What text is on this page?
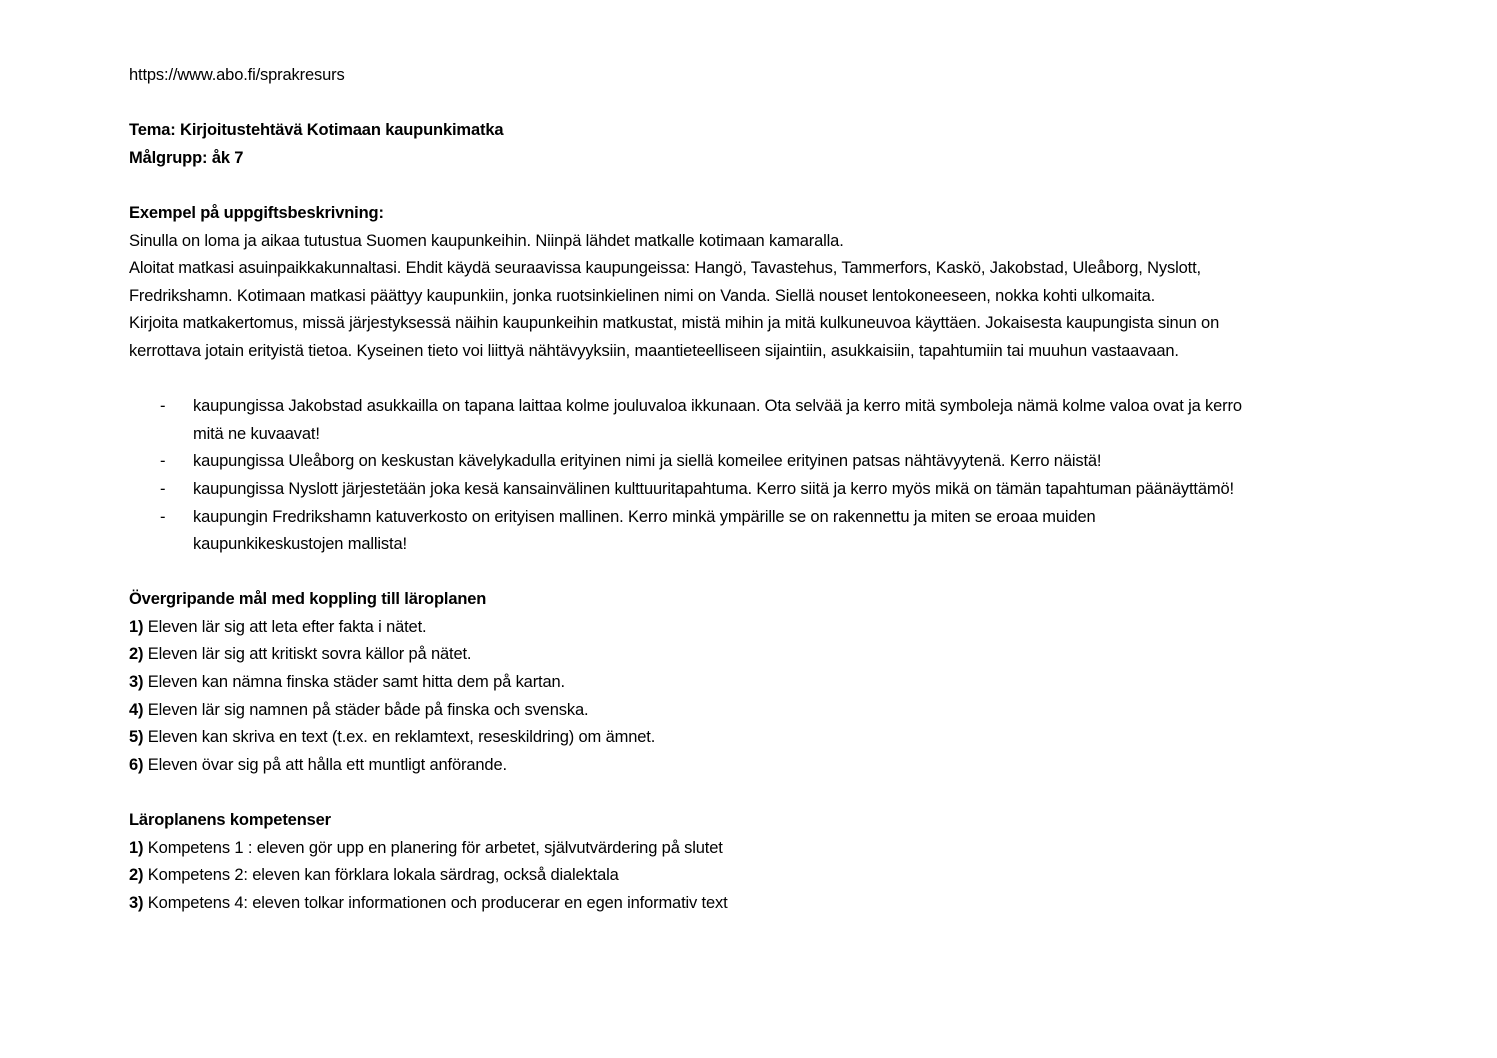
https://www.abo.fi/sprakresurs
Tema: Kirjoitustehtävä Kotimaan kaupunkimatka
Målgrupp: åk 7
Exempel på uppgiftsbeskrivning:
Sinulla on loma ja aikaa tutustua Suomen kaupunkeihin. Niinpä lähdet matkalle kotimaan kamaralla.
Aloitat matkasi asuinpaikkakunnaltasi. Ehdit käydä seuraavissa kaupungeissa: Hangö, Tavastehus, Tammerfors, Kaskö, Jakobstad, Uleåborg, Nyslott,
Fredrikshamn. Kotimaan matkasi päättyy kaupunkiin, jonka ruotsinkielinen nimi on Vanda. Siellä nouset lentokoneeseen, nokka kohti ulkomaita.
Kirjoita matkakertomus, missä järjestyksessä näihin kaupunkeihin matkustat, mistä mihin ja mitä kulkuneuvoa käyttäen. Jokaisesta kaupungista sinun on
kerrottava jotain erityistä tietoa. Kyseinen tieto voi liittyä nähtävyyksiin, maantieteelliseen sijaintiin, asukkaisiin, tapahtumiin tai muuhun vastaavaan.
- kaupungissa Jakobstad asukkailla on tapana laittaa kolme jouluvaloa ikkunaan. Ota selvää ja kerro mitä symboleja nämä kolme valoa ovat ja kerro
mitä ne kuvaavat!
- kaupungissa Uleåborg on keskustan kävelykadulla erityinen nimi ja siellä komeilee erityinen patsas nähtävyytenä. Kerro näistä!
- kaupungissa Nyslott järjestetään joka kesä kansainvälinen kulttuuritapahtuma. Kerro siitä ja kerro myös mikä on tämän tapahtuman päänäyttämö!
- kaupungin Fredrikshamn katuverkosto on erityisen mallinen. Kerro minkä ympärille se on rakennettu ja miten se eroaa muiden
kaupunkikeskustojen mallista!
Övergripande mål med koppling till läroplanen
1) Eleven lär sig att leta efter fakta i nätet.
2) Eleven lär sig att kritiskt sovra källor på nätet.
3) Eleven kan nämna finska städer samt hitta dem på kartan.
4) Eleven lär sig namnen på städer både på finska och svenska.
5) Eleven kan skriva en text (t.ex. en reklamtext, reseskildring) om ämnet.
6) Eleven övar sig på att hålla ett muntligt anförande.
Läroplanens kompetenser
1) Kompetens 1 : eleven gör upp en planering för arbetet, självutvärdering på slutet
2) Kompetens 2: eleven kan förklara lokala särdrag, också dialektala
3) Kompetens 4: eleven tolkar informationen och producerar en egen informativ text
